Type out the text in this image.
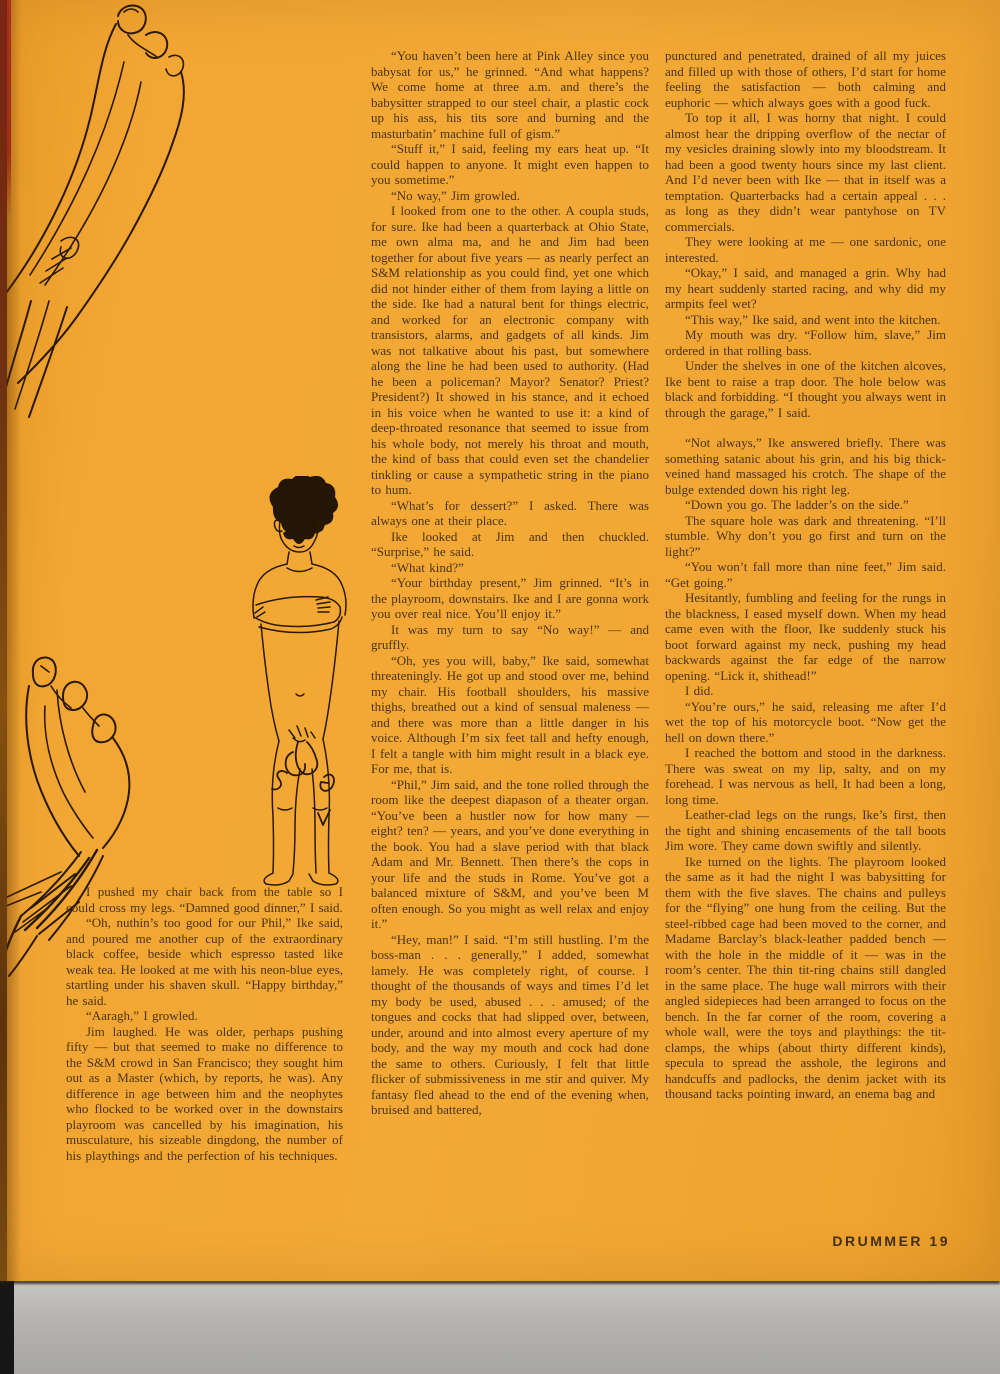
I pushed my chair back from the table so I could cross my legs. “Damned good dinner,” I said.

“Oh, nuthin’s too good for our Phil,” Ike said, and poured me another cup of the extraordinary black coffee, beside which espresso tasted like weak tea. He looked at me with his neon-blue eyes, startling under his shaven skull. “Happy birthday,” he said.

“Aaragh,” I growled.

Jim laughed. He was older, perhaps pushing fifty — but that seemed to make no difference to the S&M crowd in San Francisco; they sought him out as a Master (which, by reports, he was). Any difference in age between him and the neophytes who flocked to be worked over in the downstairs playroom was cancelled by his imagination, his musculature, his sizeable dingdong, the number of his playthings and the perfection of his techniques.

“You haven’t been here at Pink Alley since you babysat for us,” he grinned. “And what happens? We come home at three a.m. and there’s the babysitter strapped to our steel chair, a plastic cock up his ass, his tits sore and burning and the masturbatin’ machine full of gism.”

“Stuff it,” I said, feeling my ears heat up. “It could happen to anyone. It might even happen to you sometime.”

“No way,” Jim growled.

I looked from one to the other. A coupla studs, for sure. Ike had been a quarterback at Ohio State, me own alma ma, and he and Jim had been together for about five years — as nearly perfect an S&M relationship as you could find, yet one which did not hinder either of them from laying a little on the side. Ike had a natural bent for things electric, and worked for an electronic company with transistors, alarms, and gadgets of all kinds. Jim was not talkative about his past, but somewhere along the line he had been used to authority. (Had he been a policeman? Mayor? Senator? Priest? President?) It showed in his stance, and it echoed in his voice when he wanted to use it: a kind of deep-throated resonance that seemed to issue from his whole body, not merely his throat and mouth, the kind of bass that could even set the chandelier tinkling or cause a sympathetic string in the piano to hum.

“What’s for dessert?” I asked. There was always one at their place.

Ike looked at Jim and then chuckled. “Surprise,” he said.

“What kind?”

“Your birthday present,” Jim grinned. “It’s in the playroom, downstairs. Ike and I are gonna work you over real nice. You’ll enjoy it.”

It was my turn to say “No way!” — and gruffly.

“Oh, yes you will, baby,” Ike said, somewhat threateningly. He got up and stood over me, behind my chair. His football shoulders, his massive thighs, breathed out a kind of sensual maleness — and there was more than a little danger in his voice. Although I’m six feet tall and hefty enough, I felt a tangle with him might result in a black eye. For me, that is.

“Phil,” Jim said, and the tone rolled through the room like the deepest diapason of a theater organ. “You’ve been a hustler now for how many — eight? ten? — years, and you’ve done everything in the book. You had a slave period with that black Adam and Mr. Bennett. Then there’s the cops in your life and the studs in Rome. You’ve got a balanced mixture of S&M, and you’ve been M often enough. So you might as well relax and enjoy it.”

“Hey, man!” I said. “I’m still hustling. I’m the boss-man . . . generally,” I added, somewhat lamely. He was completely right, of course. I thought of the thousands of ways and times I’d let my body be used, abused . . . amused; of the tongues and cocks that had slipped over, between, under, around and into almost every aperture of my body, and the way my mouth and cock had done the same to others. Curiously, I felt that little flicker of submissiveness in me stir and quiver. My fantasy fled ahead to the end of the evening when, bruised and battered,

punctured and penetrated, drained of all my juices and filled up with those of others, I’d start for home feeling the satisfaction — both calming and euphoric — which always goes with a good fuck.

To top it all, I was horny that night. I could almost hear the dripping overflow of the nectar of my vesicles draining slowly into my bloodstream. It had been a good twenty hours since my last client. And I’d never been with Ike — that in itself was a temptation. Quarterbacks had a certain appeal . . . as long as they didn’t wear pantyhose on TV commercials.

They were looking at me — one sardonic, one interested.

“Okay,” I said, and managed a grin. Why had my heart suddenly started racing, and why did my armpits feel wet?

“This way,” Ike said, and went into the kitchen.

My mouth was dry. “Follow him, slave,” Jim ordered in that rolling bass.

Under the shelves in one of the kitchen alcoves, Ike bent to raise a trap door. The hole below was black and forbidding. “I thought you always went in through the garage,” I said.

“Not always,” Ike answered briefly. There was something satanic about his grin, and his big thick-veined hand massaged his crotch. The shape of the bulge extended down his right leg.

“Down you go. The ladder’s on the side.”

The square hole was dark and threatening. “I’ll stumble. Why don’t you go first and turn on the light?”

“You won’t fall more than nine feet,” Jim said. “Get going.”

Hesitantly, fumbling and feeling for the rungs in the blackness, I eased myself down. When my head came even with the floor, Ike suddenly stuck his boot forward against my neck, pushing my head backwards against the far edge of the narrow opening. “Lick it, shithead!”

I did.

“You’re ours,” he said, releasing me after I’d wet the top of his motorcycle boot. “Now get the hell on down there.”

I reached the bottom and stood in the darkness. There was sweat on my lip, salty, and on my forehead. I was nervous as hell, It had been a long, long time.

Leather-clad legs on the rungs, Ike’s first, then the tight and shining encasements of the tall boots Jim wore. They came down swiftly and silently.

Ike turned on the lights. The playroom looked the same as it had the night I was babysitting for them with the five slaves. The chains and pulleys for the “flying” one hung from the ceiling. But the steel-ribbed cage had been moved to the corner, and Madame Barclay’s black-leather padded bench — with the hole in the middle of it — was in the room’s center. The thin tit-ring chains still dangled in the same place. The huge wall mirrors with their angled sidepieces had been arranged to focus on the bench. In the far corner of the room, covering a whole wall, were the toys and playthings: the tit-clamps, the whips (about thirty different kinds), specula to spread the asshole, the legirons and handcuffs and padlocks, the denim jacket with its thousand tacks pointing inward, an enema bag and

DRUMMER 19
